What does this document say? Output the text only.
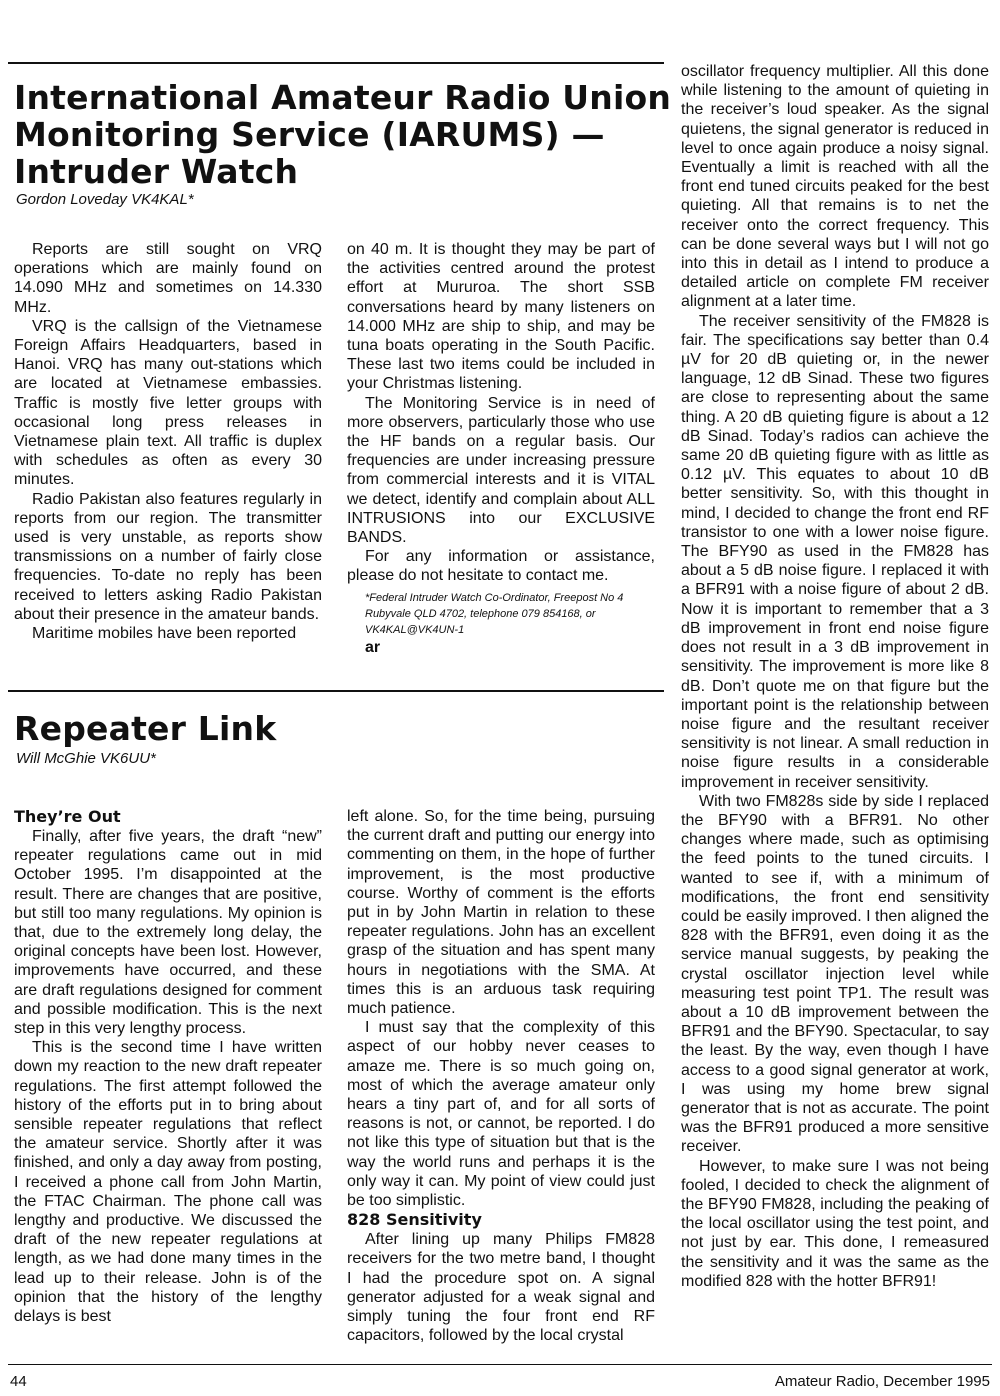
International Amateur Radio Union
Monitoring Service (IARUMS) —
Intruder Watch

Gordon Loveday VK4KAL*

Reports are still sought on VRQ operations which are mainly found on 14.090 MHz and sometimes on 14.330 MHz.

VRQ is the callsign of the Vietnamese Foreign Affairs Headquarters, based in Hanoi. VRQ has many out-stations which are located at Vietnamese embassies. Traffic is mostly five letter groups with occasional long press releases in Vietnamese plain text. All traffic is duplex with schedules as often as every 30 minutes.

Radio Pakistan also features regularly in reports from our region. The transmitter used is very unstable, as reports show transmissions on a number of fairly close frequencies. To-date no reply has been received to letters asking Radio Pakistan about their presence in the amateur bands.

Maritime mobiles have been reported

on 40 m. It is thought they may be part of the activities centred around the protest effort at Mururoa. The short SSB conversations heard by many listeners on 14.000 MHz are ship to ship, and may be tuna boats operating in the South Pacific. These last two items could be included in your Christmas listening.

The Monitoring Service is in need of more observers, particularly those who use the HF bands on a regular basis. Our frequencies are under increasing pressure from commercial interests and it is VITAL we detect, identify and complain about ALL INTRUSIONS into our EXCLUSIVE BANDS.

For any information or assistance, please do not hesitate to contact me.

*Federal Intruder Watch Co-Ordinator, Freepost No 4

Rubyvale QLD 4702, telephone 079 854168, or

VK4KAL@VK4UN-1

ar

Repeater Link

Will McGhie VK6UU*

They’re Out

Finally, after five years, the draft “new” repeater regulations came out in mid October 1995. I’m disappointed at the result. There are changes that are positive, but still too many regulations. My opinion is that, due to the extremely long delay, the original concepts have been lost. However, improvements have occurred, and these are draft regulations designed for comment and possible modification. This is the next step in this very lengthy process.

This is the second time I have written down my reaction to the new draft repeater regulations. The first attempt followed the history of the efforts put in to bring about sensible repeater regulations that reflect the amateur service. Shortly after it was finished, and only a day away from posting, I received a phone call from John Martin, the FTAC Chairman. The phone call was lengthy and productive. We discussed the draft of the new repeater regulations at length, as we had done many times in the lead up to their release. John is of the opinion that the history of the lengthy delays is best

left alone. So, for the time being, pursuing the current draft and putting our energy into commenting on them, in the hope of further improvement, is the most productive course. Worthy of comment is the efforts put in by John Martin in relation to these repeater regulations. John has an excellent grasp of the situation and has spent many hours in negotiations with the SMA. At times this is an arduous task requiring much patience.

I must say that the complexity of this aspect of our hobby never ceases to amaze me. There is so much going on, most of which the average amateur only hears a tiny part of, and for all sorts of reasons is not, or cannot, be reported. I do not like this type of situation but that is the way the world runs and perhaps it is the only way it can. My point of view could just be too simplistic.

828 Sensitivity

After lining up many Philips FM828 receivers for the two metre band, I thought I had the procedure spot on. A signal generator adjusted for a weak signal and simply tuning the four front end RF capacitors, followed by the local crystal

oscillator frequency multiplier. All this done while listening to the amount of quieting in the receiver’s loud speaker. As the signal quietens, the signal generator is reduced in level to once again produce a noisy signal. Eventually a limit is reached with all the front end tuned circuits peaked for the best quieting. All that remains is to net the receiver onto the correct frequency. This can be done several ways but I will not go into this in detail as I intend to produce a detailed article on complete FM receiver alignment at a later time.

The receiver sensitivity of the FM828 is fair. The specifications say better than 0.4 µV for 20 dB quieting or, in the newer language, 12 dB Sinad. These two figures are close to representing about the same thing. A 20 dB quieting figure is about a 12 dB Sinad. Today’s radios can achieve the same 20 dB quieting figure with as little as 0.12 µV. This equates to about 10 dB better sensitivity. So, with this thought in mind, I decided to change the front end RF transistor to one with a lower noise figure. The BFY90 as used in the FM828 has about a 5 dB noise figure. I replaced it with a BFR91 with a noise figure of about 2 dB. Now it is important to remember that a 3 dB improvement in front end noise figure does not result in a 3 dB improvement in sensitivity. The improvement is more like 8 dB. Don’t quote me on that figure but the important point is the relationship between noise figure and the resultant receiver sensitivity is not linear. A small reduction in noise figure results in a considerable improvement in receiver sensitivity.

With two FM828s side by side I replaced the BFY90 with a BFR91. No other changes where made, such as optimising the feed points to the tuned circuits. I wanted to see if, with a minimum of modifications, the front end sensitivity could be easily improved. I then aligned the 828 with the BFR91, even doing it as the service manual suggests, by peaking the crystal oscillator injection level while measuring test point TP1. The result was about a 10 dB improvement between the BFR91 and the BFY90. Spectacular, to say the least. By the way, even though I have access to a good signal generator at work, I was using my home brew signal generator that is not as accurate. The point was the BFR91 produced a more sensitive receiver.

However, to make sure I was not being fooled, I decided to check the alignment of the BFY90 FM828, including the peaking of the local oscillator using the test point, and not just by ear. This done, I remeasured the sensitivity and it was the same as the modified 828 with the hotter BFR91!

44	Amateur Radio, December 1995
